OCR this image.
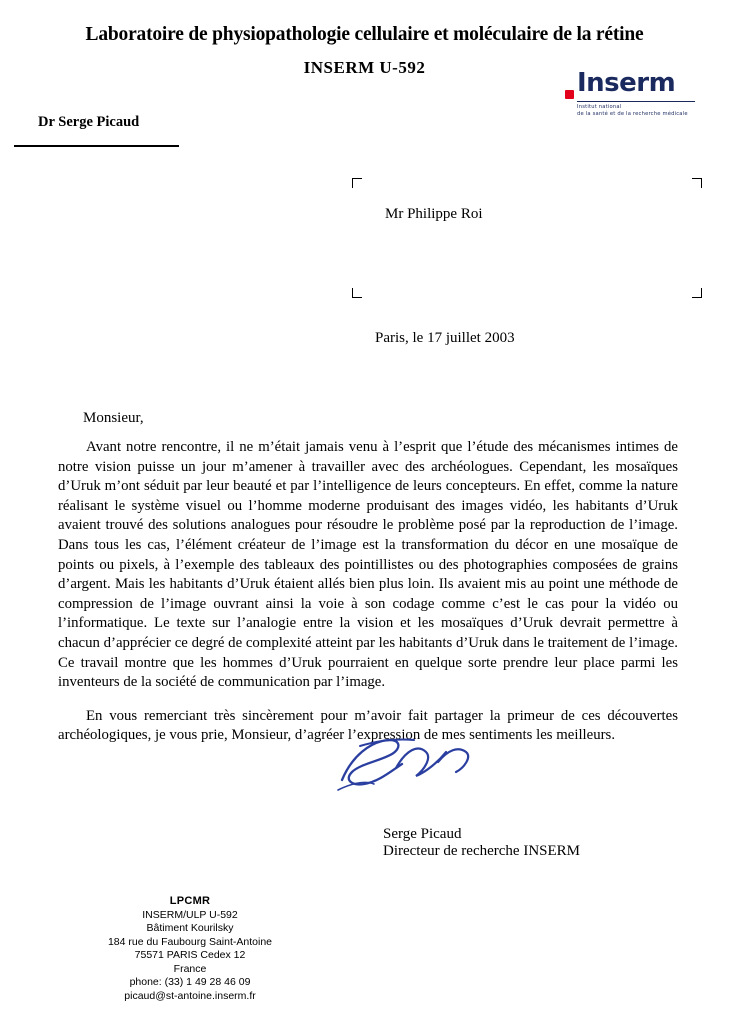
Laboratoire de physiopathologie cellulaire et moléculaire de la rétine
INSERM U-592
Inserm
Institut national
de la santé et de la recherche médicale
Dr Serge Picaud
Mr Philippe Roi
Paris, le 17 juillet 2003
Monsieur,

Avant notre rencontre, il ne m’était jamais venu à l’esprit que l’étude des mécanismes intimes de notre vision puisse un jour m’amener à travailler avec des archéologues. Cependant, les mosaïques d’Uruk m’ont séduit par leur beauté et par l’intelligence de leurs concepteurs. En effet, comme la nature réalisant le système visuel ou l’homme moderne produisant des images vidéo, les habitants d’Uruk avaient trouvé des solutions analogues pour résoudre le problème posé par la reproduction de l’image. Dans tous les cas, l’élément créateur de l’image est la transformation du décor en une mosaïque de points ou pixels, à l’exemple des tableaux des pointillistes ou des photographies composées de grains d’argent. Mais les habitants d’Uruk étaient allés bien plus loin. Ils avaient mis au point une méthode de compression de l’image ouvrant ainsi la voie à son codage comme c’est le cas pour la vidéo ou l’informatique. Le texte sur l’analogie entre la vision et les mosaïques d’Uruk devrait permettre à chacun d’apprécier ce degré de complexité atteint par les habitants d’Uruk dans le traitement de l’image. Ce travail montre que les hommes d’Uruk pourraient en quelque sorte prendre leur place parmi les inventeurs de la société de communication par l’image.

En vous remerciant très sincèrement pour m’avoir fait partager la primeur de ces découvertes archéologiques, je vous prie, Monsieur, d’agréer l’expression de mes sentiments les meilleurs.

Serge Picaud
Directeur de recherche INSERM
LPCMR
INSERM/ULP U-592
Bâtiment Kourilsky
184 rue du Faubourg Saint-Antoine
75571 PARIS Cedex 12
France
phone: (33) 1 49 28 46 09
picaud@st-antoine.inserm.fr
